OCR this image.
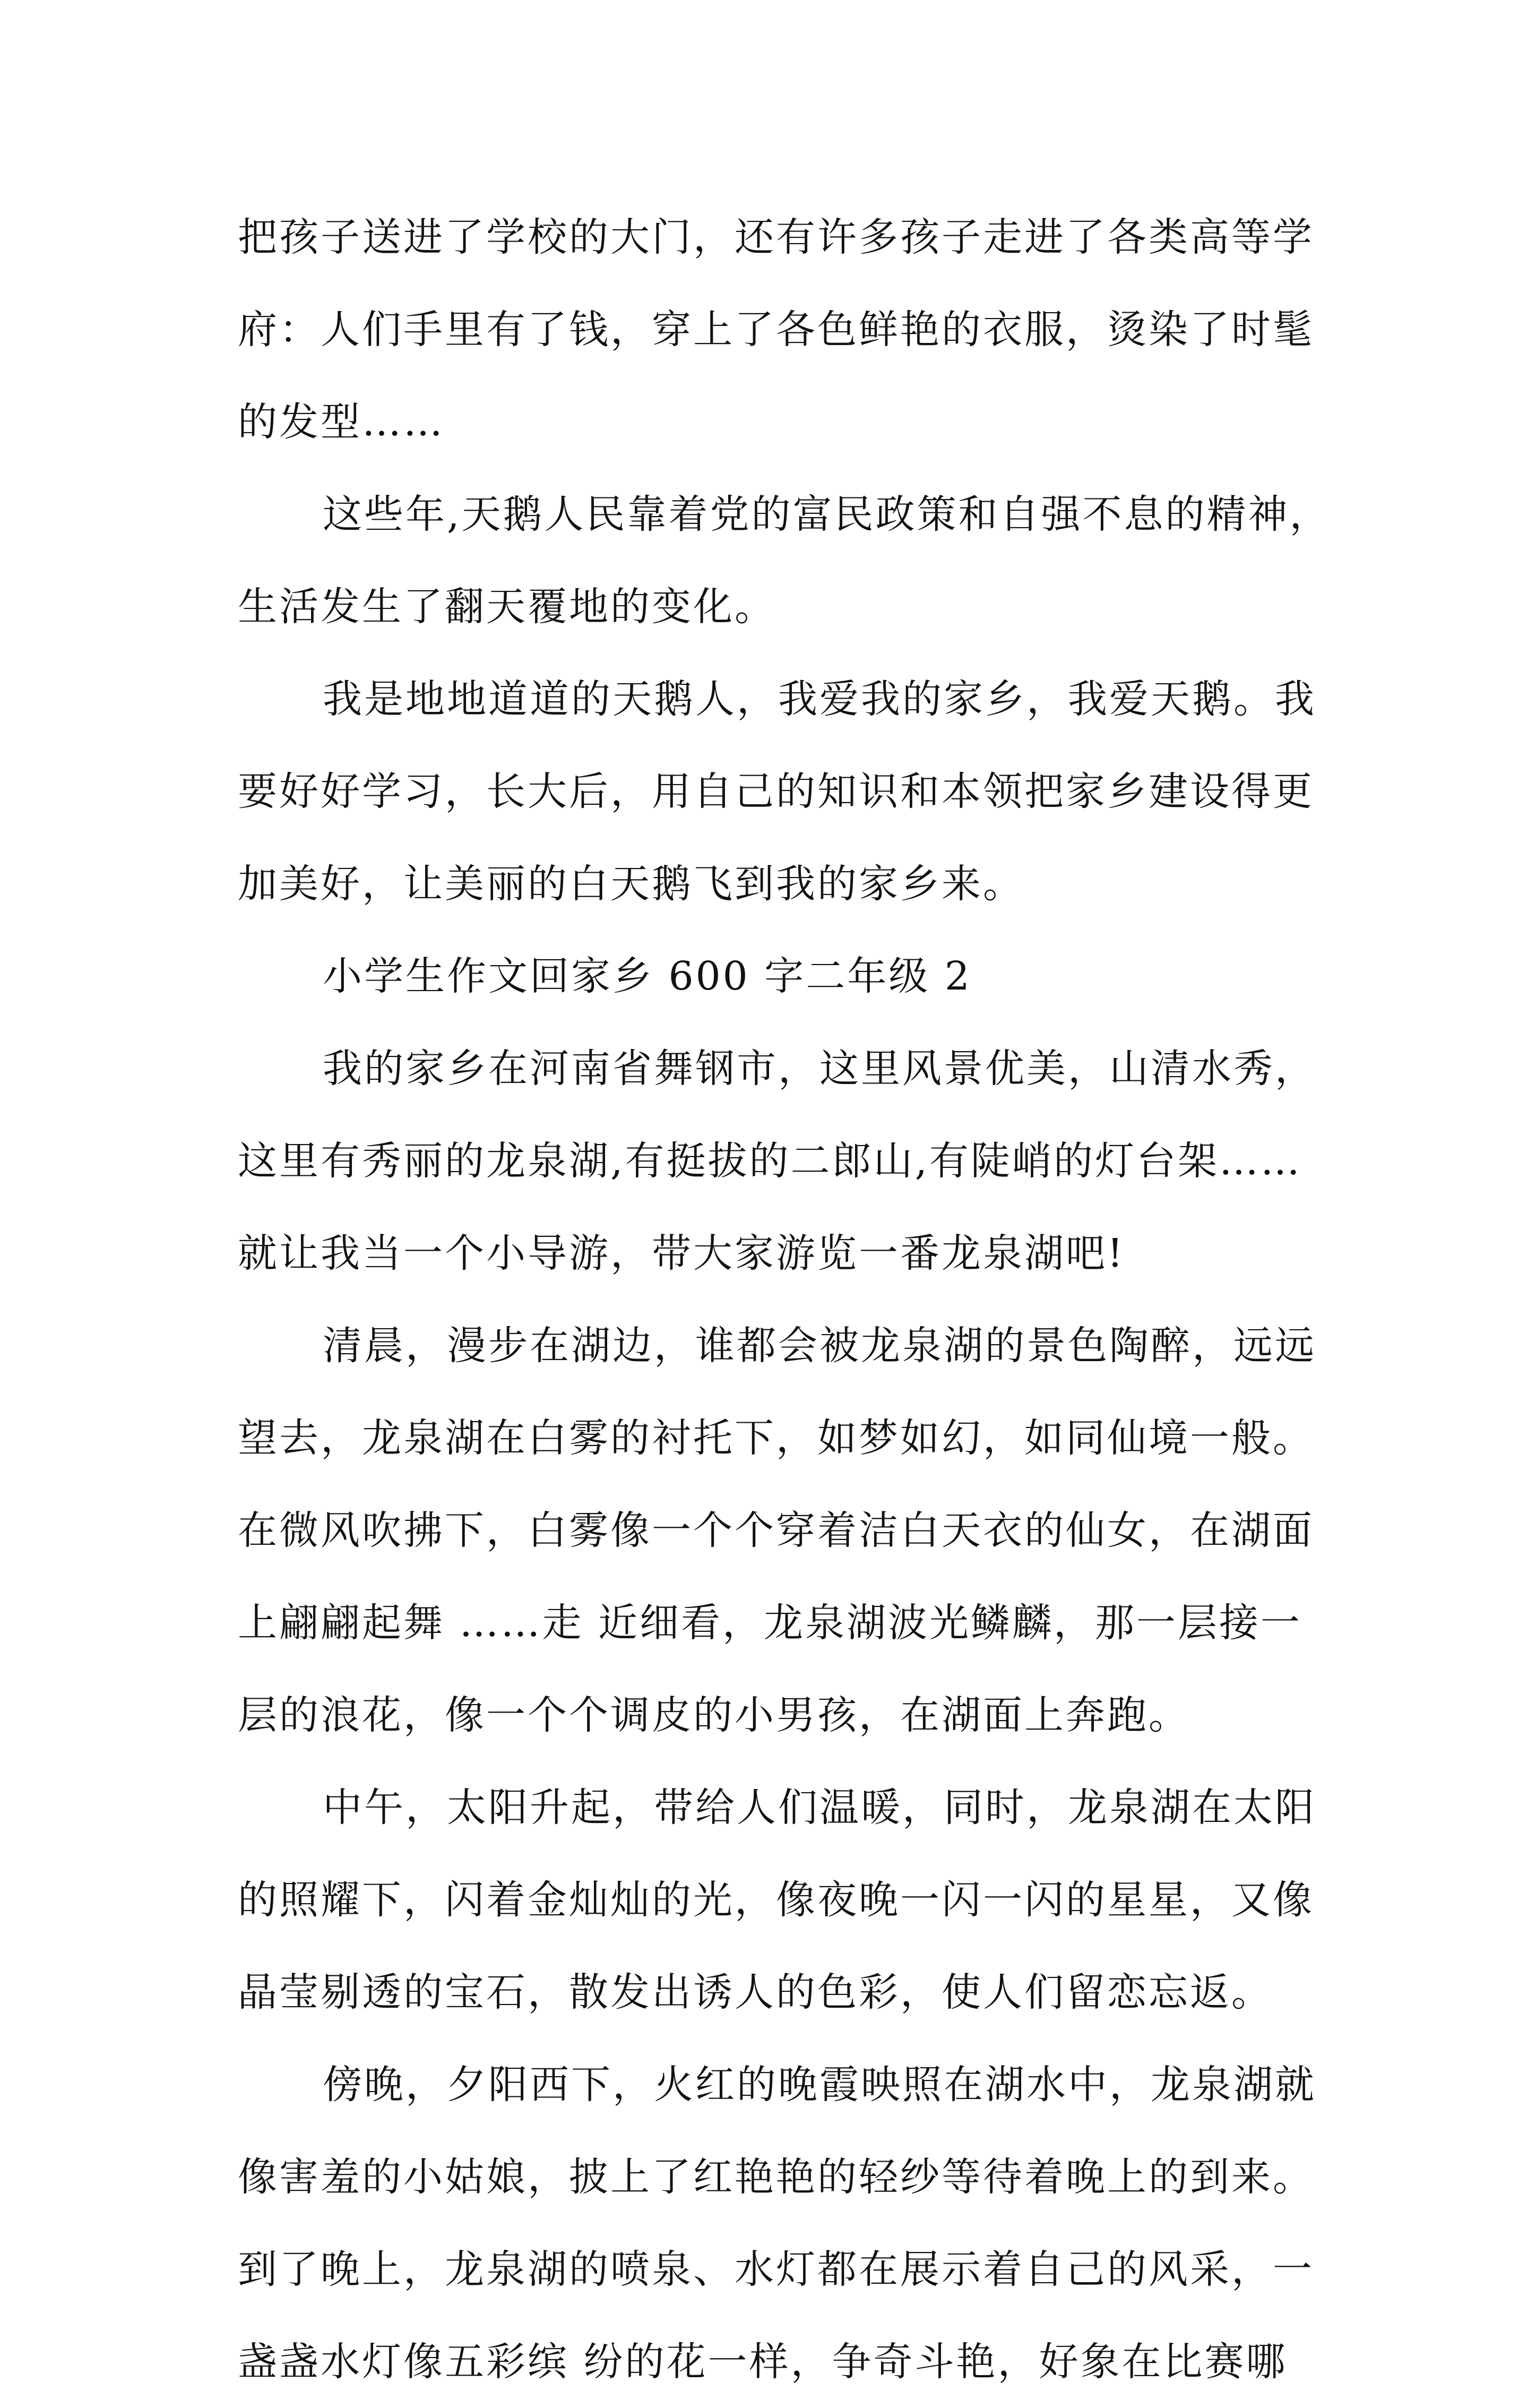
把孩子送进了学校的大门，还有许多孩子走进了各类高等学
府：人们手里有了钱，穿上了各色鲜艳的衣服，烫染了时髦
的发型……
这些年,天鹅人民靠着党的富民政策和自强不息的精神，
生活发生了翻天覆地的变化。
我是地地道道的天鹅人，我爱我的家乡，我爱天鹅。我
要好好学习，长大后，用自己的知识和本领把家乡建设得更
加美好，让美丽的白天鹅飞到我的家乡来。
小学生作文回家乡 600 字二年级 2
我的家乡在河南省舞钢市，这里风景优美，山清水秀，
这里有秀丽的龙泉湖,有挺拔的二郎山,有陡峭的灯台架……
就让我当一个小导游，带大家游览一番龙泉湖吧!
清晨，漫步在湖边，谁都会被龙泉湖的景色陶醉，远远
望去，龙泉湖在白雾的衬托下，如梦如幻，如同仙境一般。
在微风吹拂下，白雾像一个个穿着洁白天衣的仙女，在湖面
上翩翩起舞 ……走 近细看，龙泉湖波光鳞麟，那一层接一
层的浪花，像一个个调皮的小男孩，在湖面上奔跑。
中午，太阳升起，带给人们温暖，同时，龙泉湖在太阳
的照耀下，闪着金灿灿的光，像夜晚一闪一闪的星星，又像
晶莹剔透的宝石，散发出诱人的色彩，使人们留恋忘返。
傍晚，夕阳西下，火红的晚霞映照在湖水中，龙泉湖就
像害羞的小姑娘，披上了红艳艳的轻纱等待着晚上的到来。
到了晚上，龙泉湖的喷泉、水灯都在展示着自己的风采，一
盏盏水灯像五彩缤 纷的花一样，争奇斗艳，好象在比赛哪
